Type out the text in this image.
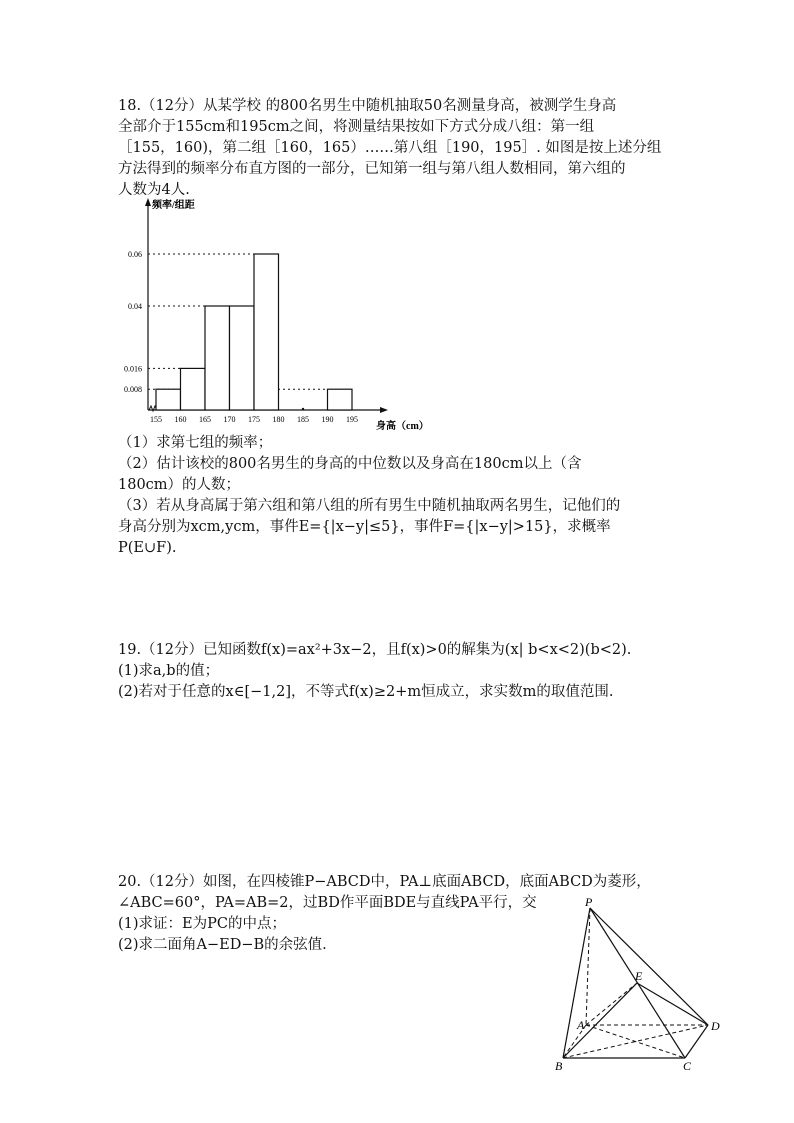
18.（12分）从某学校 的800名男生中随机抽取50名测量身高，被测学生身高

全部介于155cm和195cm之间，将测量结果按如下方式分成八组：第一组

［155，160)，第二组［160，165）……第八组［190，195］. 如图是按上述分组

方法得到的频率分布直方图的一部分，已知第一组与第八组人数相同，第六组的

人数为4人.

频率/组距
身高（cm）
155 160 165 170 175 180 185 190 195
0.008
0.016
0.04
0.06

（1）求第七组的频率；

（2）估计该校的800名男生的身高的中位数以及身高在180cm以上（含

180cm）的人数；

（3）若从身高属于第六组和第八组的所有男生中随机抽取两名男生，记他们的

身高分别为xcm,ycm，事件E={|x−y|≤5}，事件F={|x−y|>15}，求概率

P(E∪F).

19.（12分）已知函数f(x)=ax²+3x−2，且f(x)>0的解集为(x| b<x<2)(b<2).

(1)求a,b的值；

(2)若对于任意的x∈[−1,2]，不等式f(x)≥2+m恒成立，求实数m的取值范围.

20.（12分）如图，在四棱锥P−ABCD中，PA⊥底面ABCD，底面ABCD为菱形，

∠ABC=60°，PA=AB=2，过BD作平面BDE与直线PA平行，交

(1)求证：E为PC的中点；

(2)求二面角A−ED−B的余弦值.

P
E
A	D
B	C
